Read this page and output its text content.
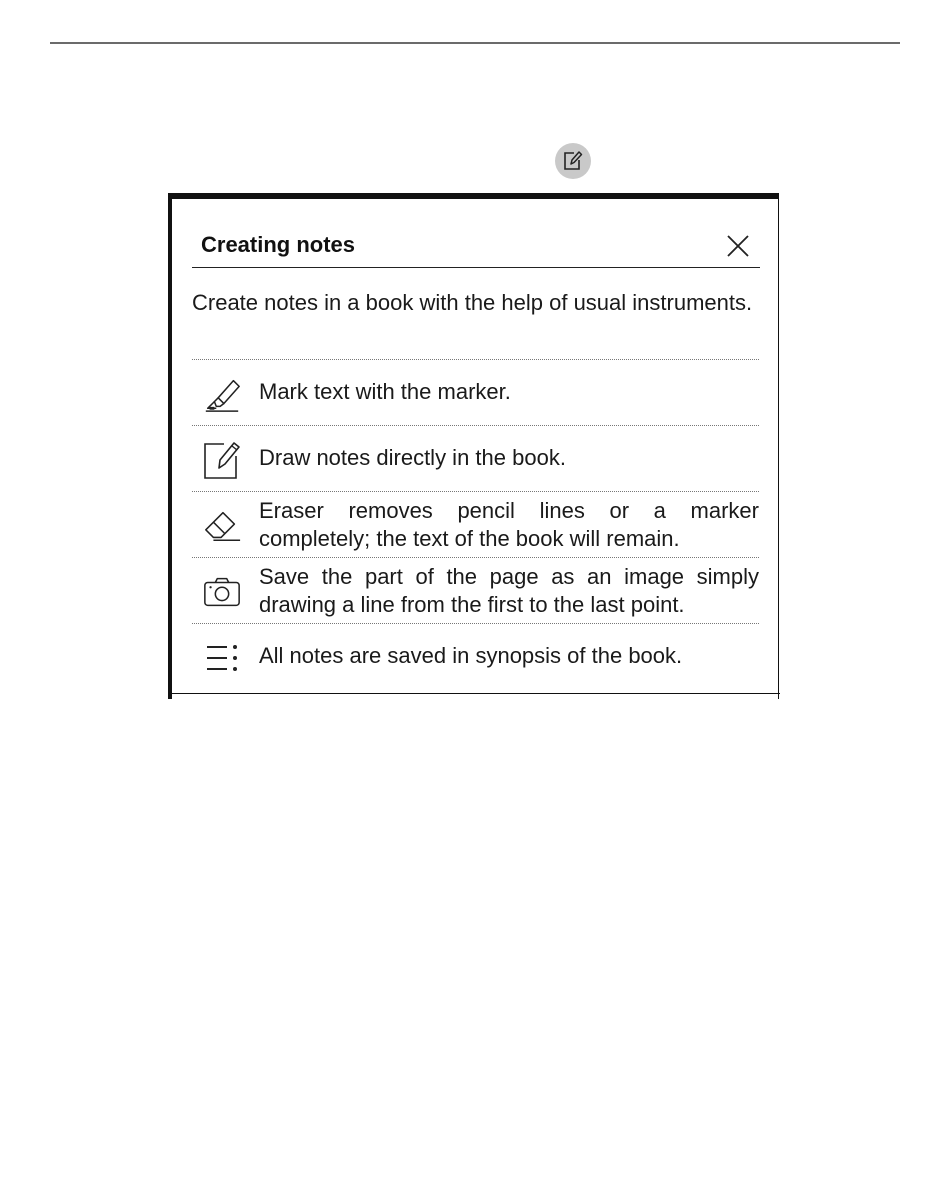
Creating notes
Create notes in a book with the help of usual instruments.
Mark text with the marker.
Draw notes directly in the book.
Eraser removes pencil lines or a marker completely; the text of the book will remain.
Save the part of the page as an image simply drawing a line from the first to the last point.
All notes are saved in synopsis of the book.
